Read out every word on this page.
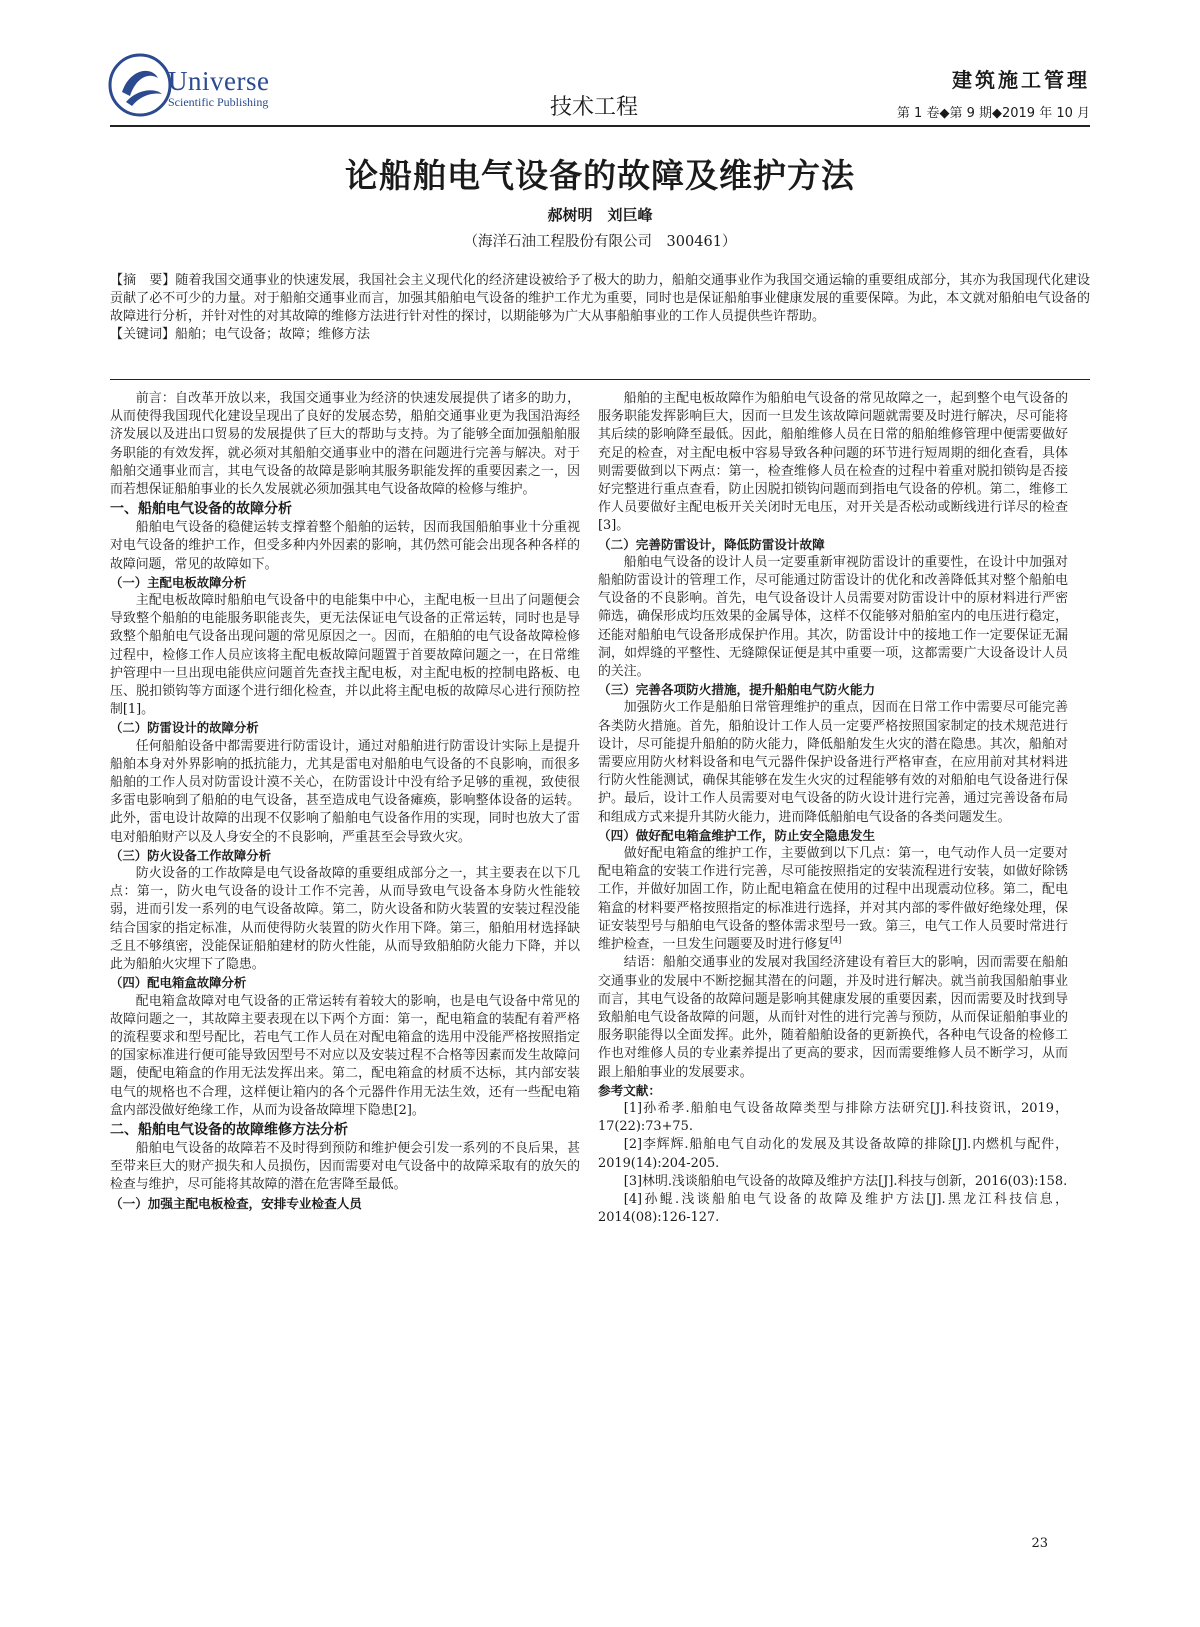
Universe
Scientific Publishing	技术工程
建筑施工管理
第 1 卷◆第 9 期◆2019 年 10 月
论船舶电气设备的故障及维护方法
郝树明　刘巨峰
（海洋石油工程股份有限公司　300461）

【摘　要】随着我国交通事业的快速发展，我国社会主义现代化的经济建设被给予了极大的助力，船舶交通事业作为我国交通运输的重要组成部分，其亦为我国现代化建设贡献了必不可少的力量。对于船舶交通事业而言，加强其船舶电气设备的维护工作尤为重要，同时也是保证船舶事业健康发展的重要保障。为此，本文就对船舶电气设备的故障进行分析，并针对性的对其故障的维修方法进行针对性的探讨，以期能够为广大从事船舶事业的工作人员提供些许帮助。

【关键词】船舶；电气设备；故障；维修方法

前言：自改革开放以来，我国交通事业为经济的快速发展提供了诸多的助力，从而使得我国现代化建设呈现出了良好的发展态势，船舶交通事业更为我国沿海经济发展以及进出口贸易的发展提供了巨大的帮助与支持。为了能够全面加强船舶服务职能的有效发挥，就必须对其船舶交通事业中的潜在问题进行完善与解决。对于船舶交通事业而言，其电气设备的故障是影响其服务职能发挥的重要因素之一，因而若想保证船舶事业的长久发展就必须加强其电气设备故障的检修与维护。

一、船舶电气设备的故障分析

船舶电气设备的稳健运转支撑着整个船舶的运转，因而我国船舶事业十分重视对电气设备的维护工作，但受多种内外因素的影响，其仍然可能会出现各种各样的故障问题，常见的故障如下。

（一）主配电板故障分析

主配电板故障时船舶电气设备中的电能集中中心，主配电板一旦出了问题便会导致整个船舶的电能服务职能丧失，更无法保证电气设备的正常运转，同时也是导致整个船舶电气设备出现问题的常见原因之一。因而，在船舶的电气设备故障检修过程中，检修工作人员应该将主配电板故障问题置于首要故障问题之一，在日常维护管理中一旦出现电能供应问题首先查找主配电板，对主配电板的控制电路板、电压、脱扣锁钩等方面逐个进行细化检查，并以此将主配电板的故障尽心进行预防控制[1]。

（二）防雷设计的故障分析

任何船舶设备中都需要进行防雷设计，通过对船舶进行防雷设计实际上是提升船舶本身对外界影响的抵抗能力，尤其是雷电对船舶电气设备的不良影响，而很多船舶的工作人员对防雷设计漠不关心，在防雷设计中没有给予足够的重视，致使很多雷电影响到了船舶的电气设备，甚至造成电气设备瘫痪，影响整体设备的运转。此外，雷电设计故障的出现不仅影响了船舶电气设备作用的实现，同时也放大了雷电对船舶财产以及人身安全的不良影响，严重甚至会导致火灾。

（三）防火设备工作故障分析

防火设备的工作故障是电气设备故障的重要组成部分之一，其主要表在以下几点：第一，防火电气设备的设计工作不完善，从而导致电气设备本身防火性能较弱，进而引发一系列的电气设备故障。第二，防火设备和防火装置的安装过程没能结合国家的指定标准，从而使得防火装置的防火作用下降。第三，船舶用材选择缺乏且不够缜密，没能保证船舶建材的防火性能，从而导致船舶防火能力下降，并以此为船舶火灾埋下了隐患。

（四）配电箱盒故障分析

配电箱盒故障对电气设备的正常运转有着较大的影响，也是电气设备中常见的故障问题之一，其故障主要表现在以下两个方面：第一，配电箱盒的装配有着严格的流程要求和型号配比，若电气工作人员在对配电箱盒的选用中没能严格按照指定的国家标准进行便可能导致因型号不对应以及安装过程不合格等因素而发生故障问题，使配电箱盒的作用无法发挥出来。第二，配电箱盒的材质不达标，其内部安装电气的规格也不合理，这样便让箱内的各个元器件作用无法生效，还有一些配电箱盒内部没做好绝缘工作，从而为设备故障埋下隐患[2]。

二、船舶电气设备的故障维修方法分析

船舶电气设备的故障若不及时得到预防和维护便会引发一系列的不良后果，甚至带来巨大的财产损失和人员损伤，因而需要对电气设备中的故障采取有的放矢的检查与维护，尽可能将其故障的潜在危害降至最低。

（一）加强主配电板检查，安排专业检查人员

船舶的主配电板故障作为船舶电气设备的常见故障之一，起到整个电气设备的服务职能发挥影响巨大，因而一旦发生该故障问题就需要及时进行解决，尽可能将其后续的影响降至最低。因此，船舶维修人员在日常的船舶维修管理中便需要做好充足的检查，对主配电板中容易导致各种问题的环节进行短周期的细化查看，具体则需要做到以下两点：第一，检查维修人员在检查的过程中着重对脱扣锁钩是否接好完整进行重点查看，防止因脱扣锁钩问题而到指电气设备的停机。第二，维修工作人员要做好主配电板开关关闭时无电压，对开关是否松动或断线进行详尽的检查[3]。

（二）完善防雷设计，降低防雷设计故障

船舶电气设备的设计人员一定要重新审视防雷设计的重要性，在设计中加强对船舶防雷设计的管理工作，尽可能通过防雷设计的优化和改善降低其对整个船舶电气设备的不良影响。首先，电气设备设计人员需要对防雷设计中的原材料进行严密筛选，确保形成均压效果的金属导体，这样不仅能够对船舶室内的电压进行稳定，还能对船舶电气设备形成保护作用。其次，防雷设计中的接地工作一定要保证无漏洞，如焊缝的平整性、无缝隙保证便是其中重要一项，这都需要广大设备设计人员的关注。

（三）完善各项防火措施，提升船舶电气防火能力

加强防火工作是船舶日常管理维护的重点，因而在日常工作中需要尽可能完善各类防火措施。首先，船舶设计工作人员一定要严格按照国家制定的技术规范进行设计，尽可能提升船舶的防火能力，降低船舶发生火灾的潜在隐患。其次，船舶对需要应用防火材料设备和电气元器件保护设备进行严格审查，在应用前对其材料进行防火性能测试，确保其能够在发生火灾的过程能够有效的对船舶电气设备进行保护。最后，设计工作人员需要对电气设备的防火设计进行完善，通过完善设备布局和组成方式来提升其防火能力，进而降低船舶电气设备的各类问题发生。

（四）做好配电箱盒维护工作，防止安全隐患发生

做好配电箱盒的维护工作，主要做到以下几点：第一，电气动作人员一定要对配电箱盒的安装工作进行完善，尽可能按照指定的安装流程进行安装，如做好除锈工作，并做好加固工作，防止配电箱盒在使用的过程中出现震动位移。第二，配电箱盒的材料要严格按照指定的标准进行选择，并对其内部的零件做好绝缘处理，保证安装型号与船舶电气设备的整体需求型号一致。第三，电气工作人员要时常进行维护检查，一旦发生问题要及时进行修复[4]

结语：船舶交通事业的发展对我国经济建设有着巨大的影响，因而需要在船舶交通事业的发展中不断挖掘其潜在的问题，并及时进行解决。就当前我国船舶事业而言，其电气设备的故障问题是影响其健康发展的重要因素，因而需要及时找到导致船舶电气设备故障的问题，从而针对性的进行完善与预防，从而保证船舶事业的服务职能得以全面发挥。此外，随着船舶设备的更新换代，各种电气设备的检修工作也对维修人员的专业素养提出了更高的要求，因而需要维修人员不断学习，从而跟上船舶事业的发展要求。

参考文献：

[1]孙希孝.船舶电气设备故障类型与排除方法研究[J].科技资讯，2019，17(22):73+75.

[2]李辉辉.船舶电气自动化的发展及其设备故障的排除[J].内燃机与配件，2019(14):204-205.

[3]林明.浅谈船舶电气设备的故障及维护方法[J].科技与创新，2016(03):158.

[4]孙鲲.浅谈船舶电气设备的故障及维护方法[J].黑龙江科技信息，2014(08):126-127.

23
